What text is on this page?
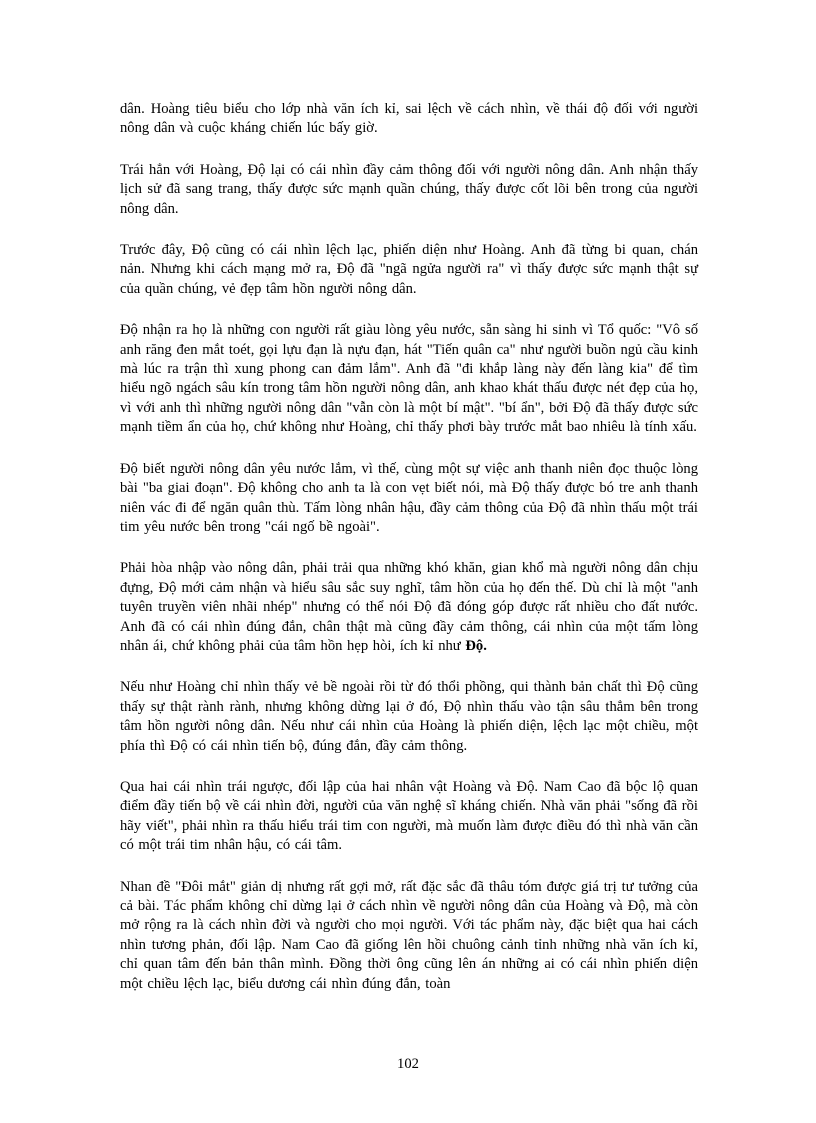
dân. Hoàng tiêu biểu cho lớp nhà văn ích kỉ, sai lệch về cách nhìn, về thái độ đối với người nông dân và cuộc kháng chiến lúc bấy giờ.

Trái hẳn với Hoàng, Độ lại có cái nhìn đầy cảm thông đối với người nông dân. Anh nhận thấy lịch sử đã sang trang, thấy được sức mạnh quần chúng, thấy được cốt lõi bên trong của người nông dân.

Trước đây, Độ cũng có cái nhìn lệch lạc, phiến diện như Hoàng. Anh đã từng bi quan, chán nản. Nhưng khi cách mạng mở ra, Độ đã "ngã ngửa người ra" vì thấy được sức mạnh thật sự của quần chúng, vẻ đẹp tâm hồn người nông dân.

Độ nhận ra họ là những con người rất giàu lòng yêu nước, sẵn sàng hi sinh vì Tổ quốc: "Vô số anh răng đen mắt toét, gọi lựu đạn là nựu đạn, hát "Tiến quân ca" như người buồn ngủ cầu kinh mà lúc ra trận thì xung phong can đảm lắm". Anh đã "đi khắp làng này đến làng kia" để tìm hiểu ngõ ngách sâu kín trong tâm hồn người nông dân, anh khao khát thấu được nét đẹp của họ, vì với anh thì những người nông dân "vẫn còn là một bí mật". "bí ẩn", bởi Độ đã thấy được sức mạnh tiềm ẩn của họ, chứ không như Hoàng, chỉ thấy phơi bày trước mắt bao nhiêu là tính xấu.

Độ biết người nông dân yêu nước lắm, vì thế, cùng một sự việc anh thanh niên đọc thuộc lòng bài "ba giai đoạn". Độ không cho anh ta là con vẹt biết nói, mà Độ thấy được bó tre anh thanh niên vác đi để ngăn quân thù. Tấm lòng nhân hậu, đầy cảm thông của Độ đã nhìn thấu một trái tim yêu nước bên trong "cái ngố bề ngoài".

Phải hòa nhập vào nông dân, phải trải qua những khó khăn, gian khổ mà người nông dân chịu đựng, Độ mới cảm nhận và hiểu sâu sắc suy nghĩ, tâm hồn của họ đến thế. Dù chỉ là một "anh tuyên truyền viên nhãi nhép" nhưng có thể nói Độ đã đóng góp được rất nhiều cho đất nước. Anh đã có cái nhìn đúng đắn, chân thật mà cũng đầy cảm thông, cái nhìn của một tấm lòng nhân ái, chứ không phải của tâm hồn hẹp hòi, ích kỉ như Độ.

Nếu như Hoàng chỉ nhìn thấy vẻ bề ngoài rồi từ đó thổi phồng, qui thành bản chất thì Độ cũng thấy sự thật rành rành, nhưng không dừng lại ở đó, Độ nhìn thấu vào tận sâu thẳm bên trong tâm hồn người nông dân. Nếu như cái nhìn của Hoàng là phiến diện, lệch lạc một chiều, một phía thì Độ có cái nhìn tiến bộ, đúng đắn, đầy cảm thông.

Qua hai cái nhìn trái ngược, đối lập của hai nhân vật Hoàng và Độ. Nam Cao đã bộc lộ quan điểm đầy tiến bộ về cái nhìn đời, người của văn nghệ sĩ kháng chiến. Nhà văn phải "sống đã rồi hãy viết", phải nhìn ra thấu hiểu trái tim con người, mà muốn làm được điều đó thì nhà văn cần có một trái tim nhân hậu, có cái tâm.

Nhan đề "Đôi mắt" giản dị nhưng rất gợi mở, rất đặc sắc đã thâu tóm được giá trị tư tưởng của cả bài. Tác phẩm không chỉ dừng lại ở cách nhìn về người nông dân của Hoàng và Độ, mà còn mở rộng ra là cách nhìn đời và người cho mọi người. Với tác phẩm này, đặc biệt qua hai cách nhìn tương phản, đối lập. Nam Cao đã giống lên hồi chuông cảnh tỉnh những nhà văn ích kỉ, chỉ quan tâm đến bản thân mình. Đồng thời ông cũng lên án những ai có cái nhìn phiến diện một chiều lệch lạc, biểu dương cái nhìn đúng đắn, toàn

102
